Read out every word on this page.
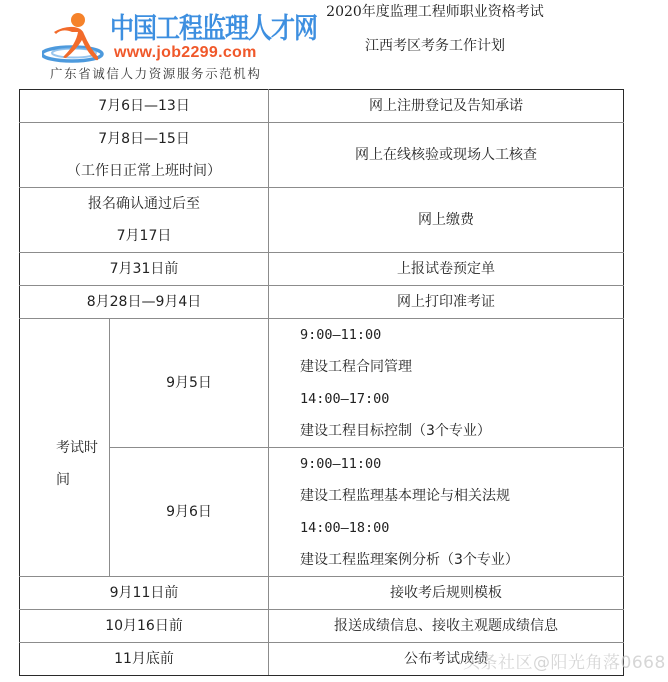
中国工程监理人才网
www.job2299.com
广东省诚信人力资源服务示范机构
2020年度监理工程师职业资格考试
江西考区考务工作计划
7月6日—13日		网上注册登记及告知承诺

7月8日—15日
（工作日正常上班时间）		网上在线核验或现场人工核查

报名确认通过后至
7月17日		网上缴费
7月31日前		上报试卷预定单
8月28日—9月4日		网上打印准考证
考试时间	9月5日	9:00—11:00
建设工程合同管理
14:00—17:00
建设工程目标控制（3个专业）

	9月6日	9:00—11:00
建设工程监理基本理论与相关法规
14:00—18:00
建设工程监理案例分析（3个专业）

9月11日前		接收考后规则模板
10月16日前		报送成绩信息、接收主观题成绩信息
11月底前		公布考试成绩
头条社区@阳光角落0668
